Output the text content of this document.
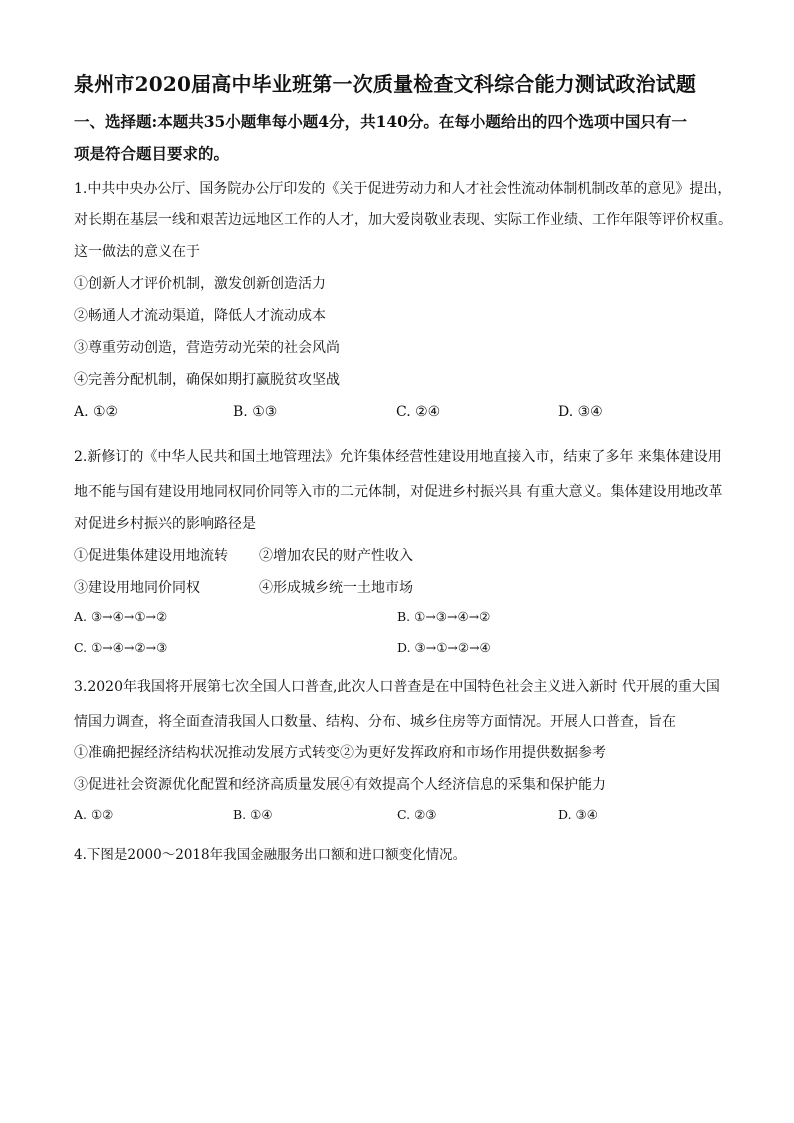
泉州市2020届高中毕业班第一次质量检查文科综合能力测试政治试题
一、选择题:本题共35小题隼每小题4分，共140分。在每小题给出的四个选项中国只有一
项是符合题目要求的。
1.中共中央办公厅、国务院办公厅印发的《关于促进劳动力和人才社会性流动体制机制改革的意见》提出，
对长期在基层一线和艰苦边远地区工作的人才，加大爱岗敬业表现、实际工作业绩、工作年限等评价权重。
这一做法的意义在于
①创新人才评价机制，激发创新创造活力
②畅通人才流动渠道，降低人才流动成本
③尊重劳动创造，营造劳动光荣的社会风尚
④完善分配机制，确保如期打赢脱贫攻坚战
A. ①②	B. ①③	C. ②④	D. ③④
2.新修订的《中华人民共和国土地管理法》允许集体经营性建设用地直接入市，结束了多年 来集体建设用
地不能与国有建设用地同权同价同等入市的二元体制，对促进乡村振兴具 有重大意义。集体建设用地改革
对促进乡村振兴的影响路径是
①促进集体建设用地流转 ②增加农民的财产性收入
③建设用地同价同权	④形成城乡统一土地市场
A. ③→④→①→②	B. ①→③→④→②
C. ①→④→②→③	D. ③→①→②→④
3.2020年我国将开展第七次全国人口普查,此次人口普查是在中国特色社会主义进入新时 代开展的重大国
情国力调查，将全面查清我国人口数量、结构、分布、城乡住房等方面情况。开展人口普查，旨在
①准确把握经济结构状况推动发展方式转变②为更好发挥政府和市场作用提供数据参考
③促进社会资源优化配置和经济高质量发展④有效提高个人经济信息的采集和保护能力
A. ①②	B. ①④	C. ②③	D. ③④
4.下图是2000～2018年我国金融服务出口额和进口额变化情况。
